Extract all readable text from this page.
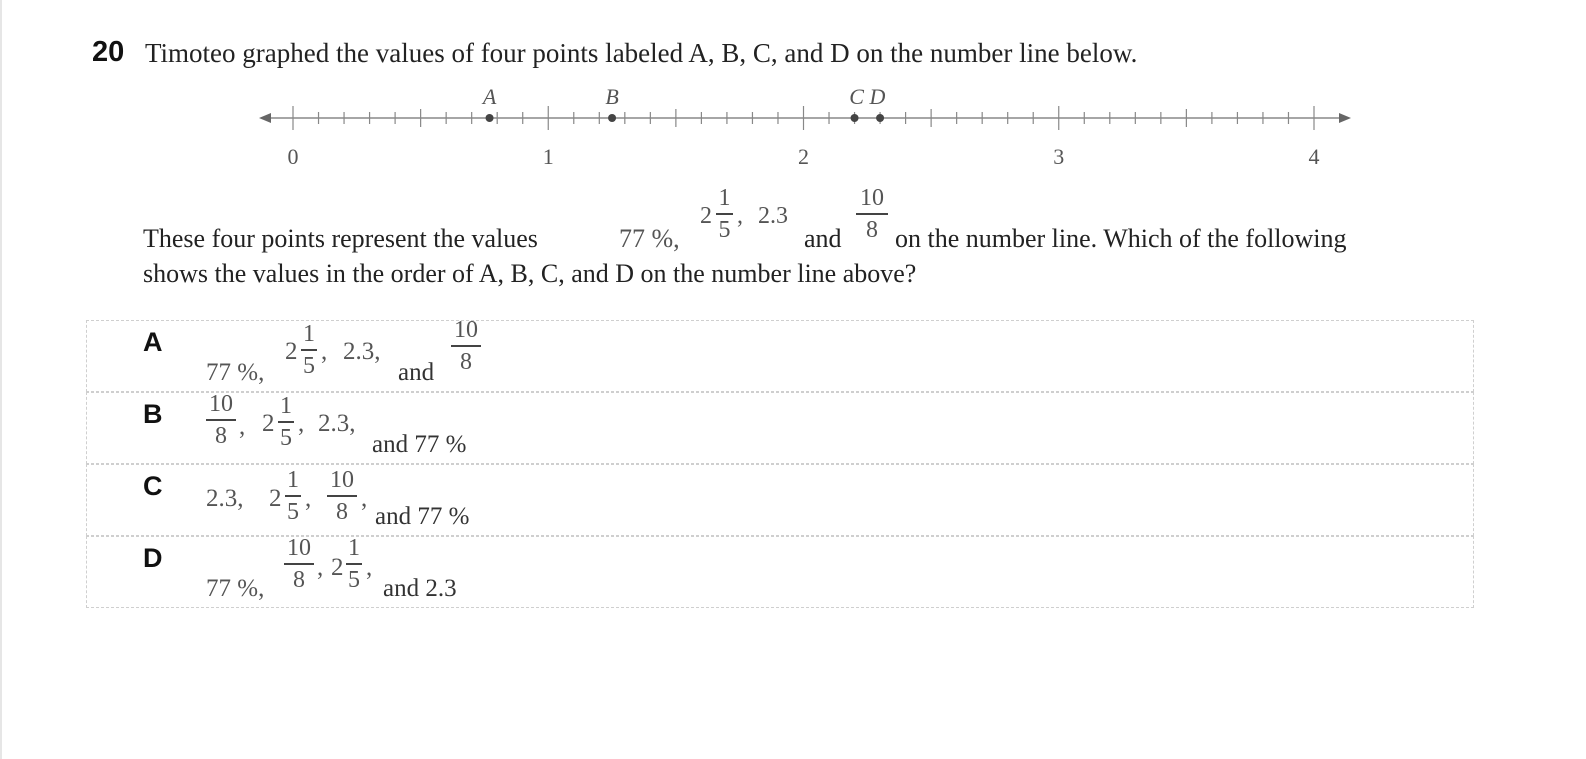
20 Timoteo graphed the values of four points labeled A, B, C, and D on the number line below.
0	1	2	3	4
A	B	C D
These four points represent the values	77 %,
2
1
5
, 2.3
and
10
8 on the number line. Which of the following
shows the values in the order of A, B, C, and D on the number line above?
A
77 %,
2
1
5
, 2.3,
and
10
8
B 10
8 , 2
1
5
, 2.3,
and 77 %
C 2.3, 2
1
5 ,
10
8 ,
and 77 %
D
77 %,
10
8 , 2
1
5 ,
and 2.3
